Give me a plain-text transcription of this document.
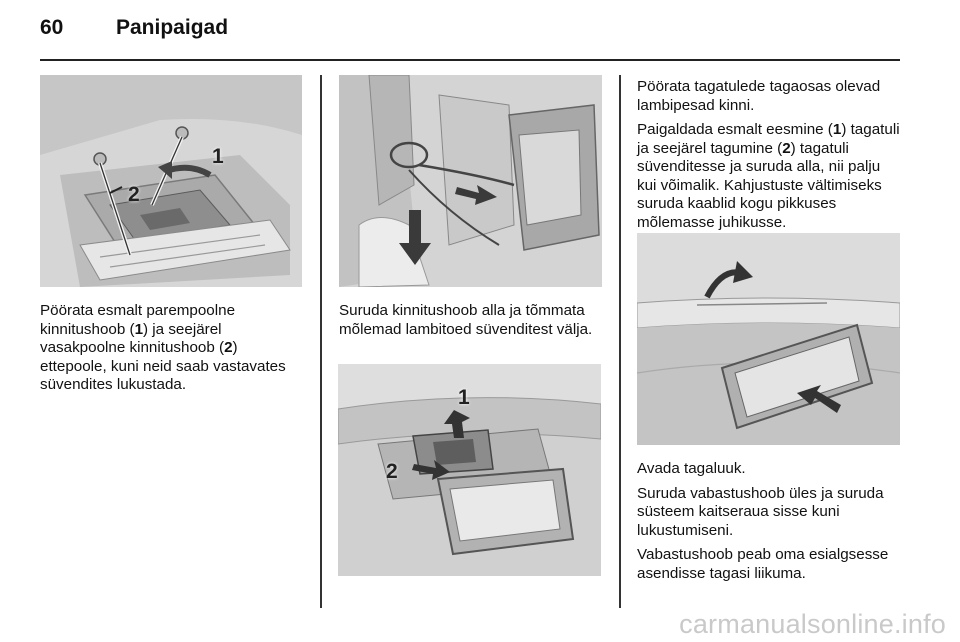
60	Panipaigad
1
2
1
2

Pöörata esmalt parempoolne kinnitushoob (1) ja seejärel vasakpoolne kinnitushoob (2) ettepoole, kuni neid saab vastavates süvendites lukustada.

Suruda kinnitushoob alla ja tõmmata mõlemad lambitoed süvenditest välja.

Pöörata tagatulede tagaosas olevad lambipesad kinni.

Paigaldada esmalt eesmine (1) tagatuli ja seejärel tagumine (2) tagatuli süvenditesse ja suruda alla, nii palju kui võimalik. Kahjustuste vältimiseks suruda kaablid kogu pikkuses mõlemasse juhikusse.

Avada tagaluuk.

Suruda vabastushoob üles ja suruda süsteem kaitseraua sisse kuni lukustumiseni.

Vabastushoob peab oma esialgsesse asendisse tagasi liikuma.

carmanualsonline.info
